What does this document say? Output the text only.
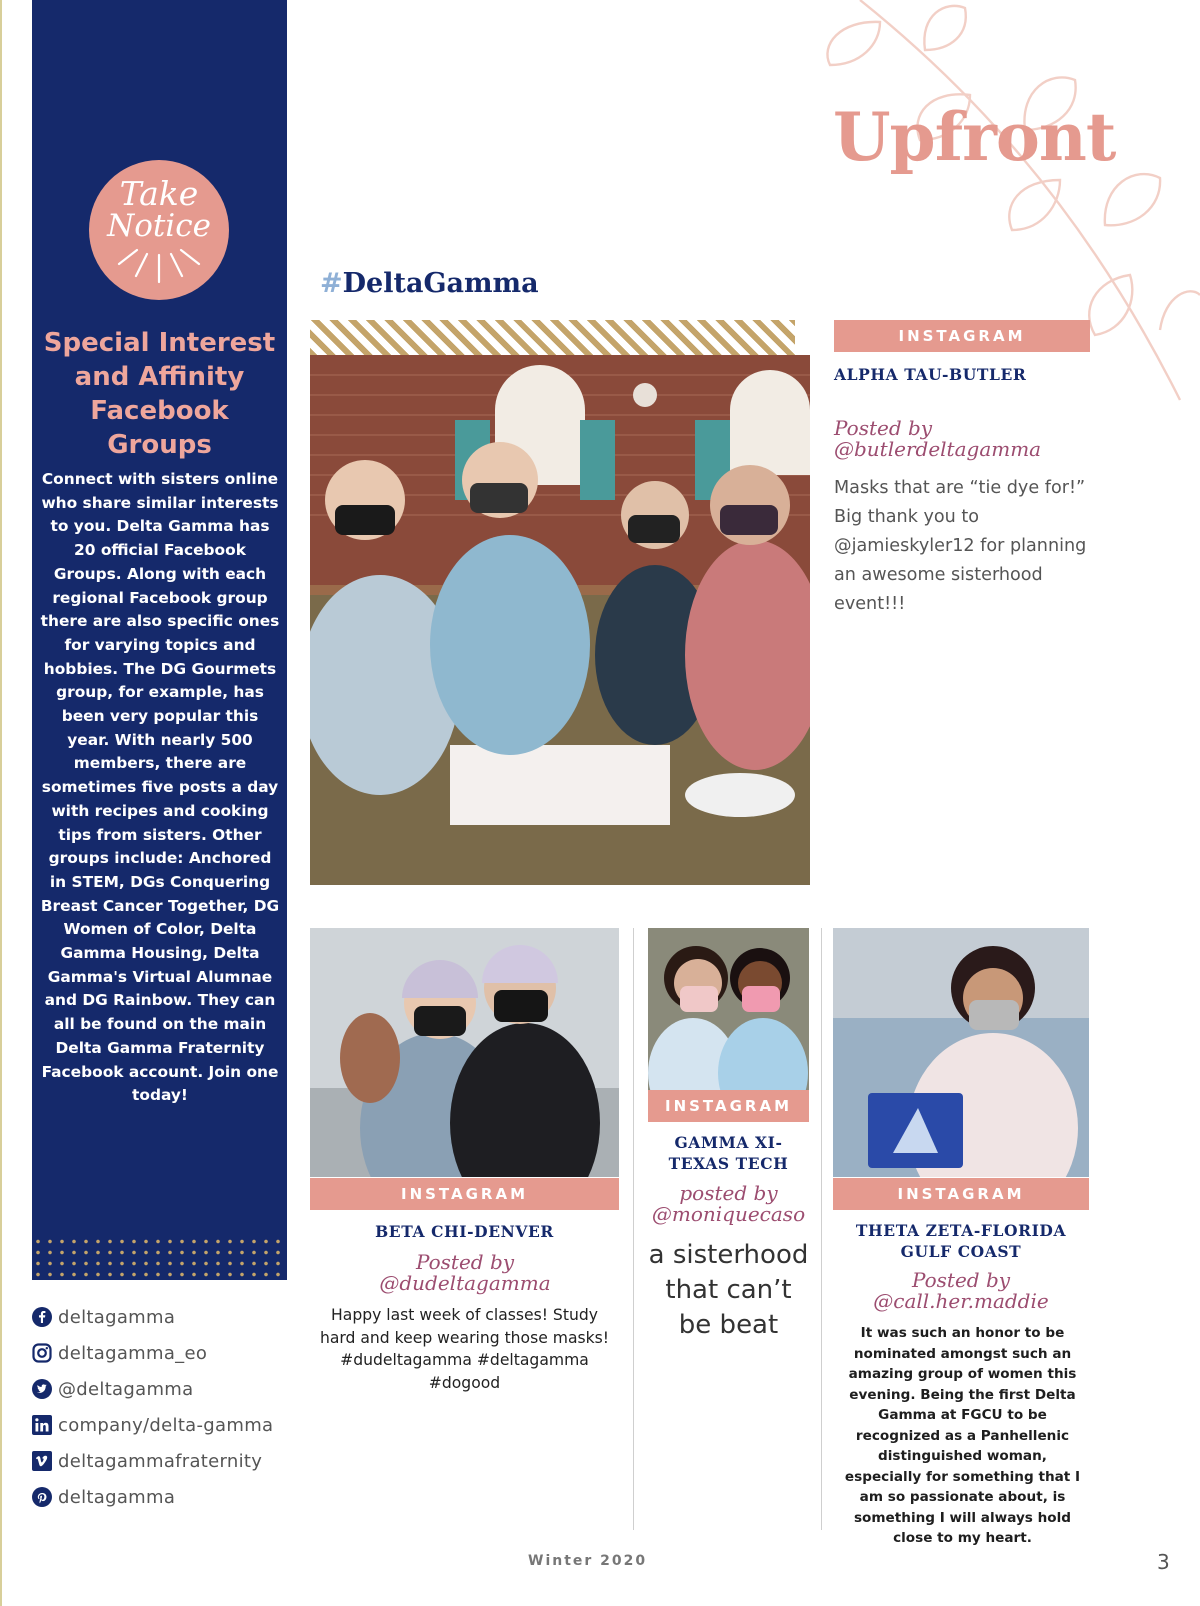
Take
Notice
Special Interest and Affinity Facebook Groups
Connect with sisters online who share similar interests to you. Delta Gamma has 20 official Facebook Groups. Along with each regional Facebook group there are also specific ones for varying topics and hobbies. The DG Gourmets group, for example, has been very popular this year. With nearly 500 members, there are sometimes five posts a day with recipes and cooking tips from sisters. Other groups include: Anchored in STEM, DGs Conquering Breast Cancer Together, DG Women of Color, Delta Gamma Housing, Delta Gamma's Virtual Alumnae and DG Rainbow. They can all be found on the main Delta Gamma Fraternity Facebook account. Join one today!
deltagamma
deltagamma_eo
@deltagamma
company/delta-gamma
deltagammafraternity
deltagamma
Upfront
#DeltaGamma
INSTAGRAM
ALPHA TAU-BUTLER
Posted by @butlerdeltagamma
Masks that are “tie dye for!” Big thank you to @jamieskyler12 for planning an awesome sisterhood event!!!
INSTAGRAM
BETA CHI-DENVER
Posted by @dudeltagamma
Happy last week of classes! Study hard and keep wearing those masks! #dudeltagamma #deltagamma #dogood
INSTAGRAM
GAMMA XI-TEXAS TECH
posted by @moniquecaso
a sisterhood that can’t be beat
INSTAGRAM
THETA ZETA-FLORIDA GULF COAST
Posted by @call.her.maddie
It was such an honor to be nominated amongst such an amazing group of women this evening. Being the first Delta Gamma at FGCU to be recognized as a Panhellenic distinguished woman, especially for something that I am so passionate about, is something I will always hold close to my heart.
Winter 2020	3
